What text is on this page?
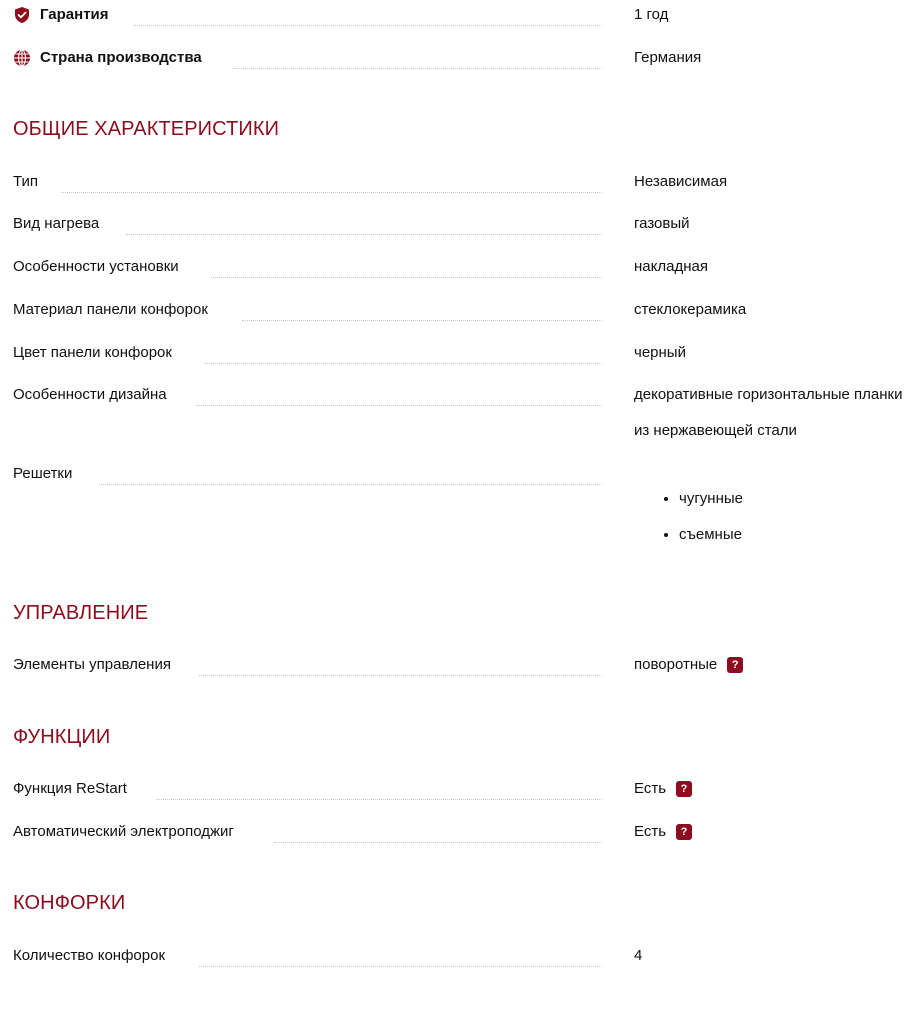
Гарантия	1 год
Страна производства	Германия
ОБЩИЕ ХАРАКТЕРИСТИКИ
Тип	Независимая
Вид нагрева	газовый
Особенности установки	накладная
Материал панели конфорок	стеклокерамика
Цвет панели конфорок	черный
Особенности дизайна	декоративные горизонтальные планки
из нержавеющей стали
Решетки
• чугунные
• съемные
УПРАВЛЕНИЕ
Элементы управления	поворотные ?
ФУНКЦИИ
Функция ReStart	Есть ?
Автоматический электроподжиг	Есть ?
КОНФОРКИ
Количество конфорок	4
